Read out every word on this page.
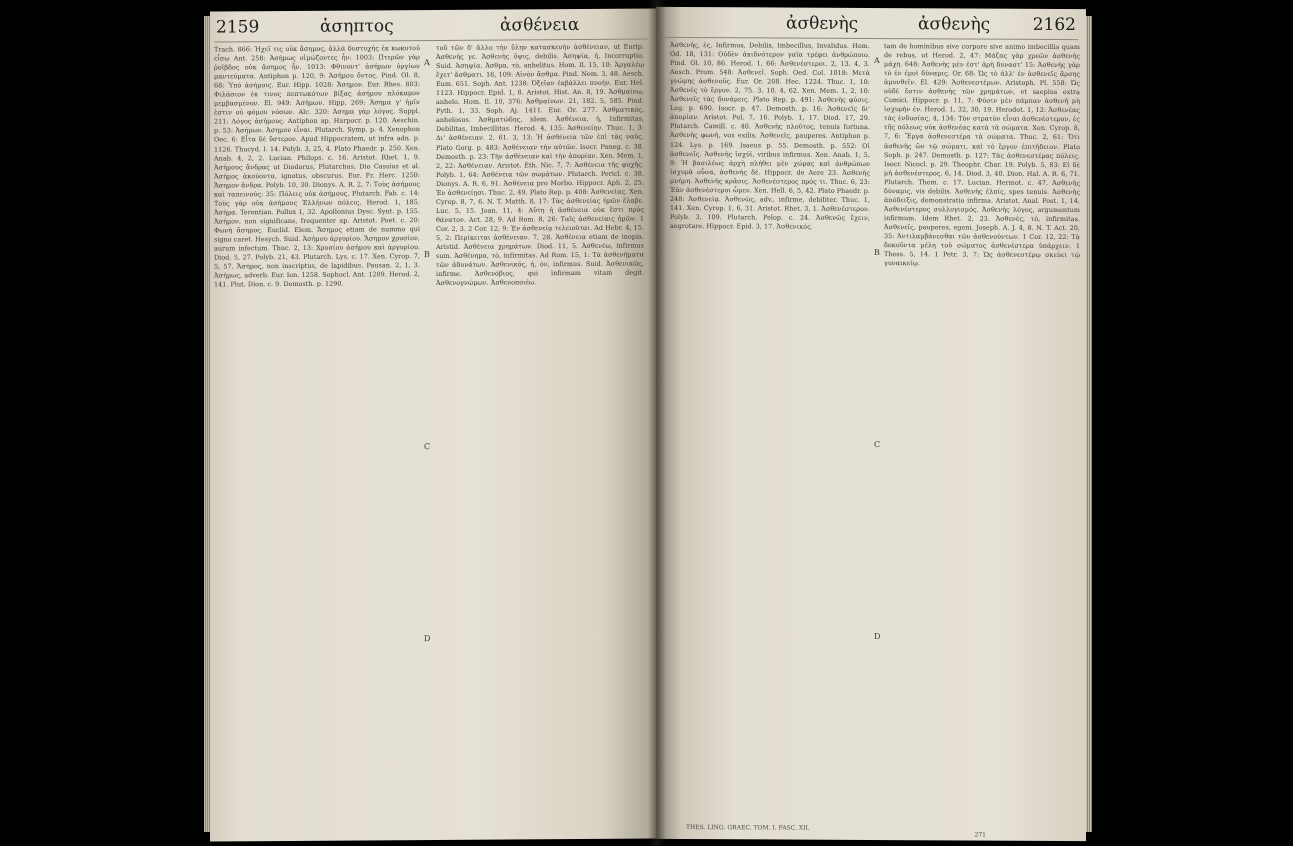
2159	ἀσηπτος	ἀσθένεια
Trach. 866: Ἠχεῖ τις οὐκ ἄσημος, ἀλλὰ δυστυχὴς ἐκ κωκυτοῦ εἶσω Ant. 258: Ἀσήμως οἰμώζοντες ἦν: 1003: Πτερῶν γὰρ ῥοῖβδος οὐκ ἄσημος ἦν. 1013: Φθινοντ' ἀσήμων ὀργίων μαντεύματα. Antiphon p. 120, 9: Ἀσήμου ὄντος. Pind. Ol. 8, 68: Ὑπὸ ἀσήμοις. Eur. Hipp. 1028: Ἄσημον. Eur. Rhes. 803: Φιλάσιον ἐκ τινος πεπτωκότων βίξας ἀσήμου πλόκαμον μεμβασμένον. El. 949: Ἀσήμων. Hipp. 269: Ἀσημα γ' ἡμῖν ἐστιν οὐ φόμου νόσων. Alc. 320: Ἀσημα γὰρ λόγος. Suppl. 211: Λόγος ἀσήμους. Antiphon ap. Harpocr. p. 120. Aeschin. p. 53: Ἀσήμων. Ἀσημον εἶναι. Plutarch. Symp. p. 4. Xenophon Oec. 6: Εἶτα δὲ ὕστερον. Apud Hippocratem, ut infra adn. p. 1126. Thucyd. I. 14. Polyb. 3, 25, 4. Plato Phaedr. p. 250. Xen. Anab. 4, 2, 2. Lucian. Philops. c. 16. Aristot. Rhet. 1, 9. Ἀσήμους ἄνδρας ut Diodorus, Plutarchus, Dio Cassius et al. Ἀσήμος ἀκούοντα, ignotus, obscurus. Eur. Fr. Herc. 1250: Ἄσημον ἄνδρα. Polyb. 10, 30. Dionys. A. R. 2, 7: Τοὺς ἀσήμους καὶ ταπεινούς: 35: Πόλεις οὐκ ἀσήμους. Plutarch. Fab. c. 14: Τοὺς γὰρ οὐκ ἀσήμους Ἑλλήνων πόλεις. Herod. 1, 185. Ἀσήμα. Terentian. Pollux 1, 32. Apollonius Dysc. Synt. p. 155. Ἀσήμον, non significans, frequenter ap. Aristot. Poet. c. 20: Φωνὴ ἄσημος. Euclid. Elem. Ἄσημος etiam de nummo qui signo caret. Hesych. Suid. Ἀσήμου ἀργυρίου. Ἄσημον χρυσίον, aurum infectum. Thuc. 2, 13: Χρυσίου ἀσήμου καὶ ἀργυρίου. Diod. 5, 27. Polyb. 21, 43. Plutarch. Lys. c. 17. Xen. Cyrop. 7, 5, 57. Ἄσημος, non inscriptus, de lapidibus. Pausan. 2, 1, 3. Ἀσήμως, adverb. Eur. Ion. 1258. Sophocl. Ant. 1209. Herod. 2, 141. Plut. Dion. c. 9. Demosth. p. 1290.
A
B
C
D
τοῦ τῶν δ' ἄλλο τὴν ὕλην κατασκευὴν ἀσθένειαν, ut Eurip. Ἀσθενής γε. Ἀσθενὴς ὄψις, debilis. Ἀσηψία, ἡ, Incorruptio. Suid. Ἀσηψία. Ἀσθμα, τὸ, anhelitus. Hom. Il. 15, 10: Ἀργαλέῳ ἔχετ' ἄσθματι. 16, 109: Αἰνὸν ἄσθμα. Pind. Nem. 3, 48. Aesch. Eum. 651. Soph. Ant. 1238: Ὀξεῖαν ἐκβάλλει πνοὴν. Eur. Hel. 1123. Hippocr. Epid. 1, 8. Aristot. Hist. An. 8, 19. Ἀσθμαίνω, anhelo. Hom. Il. 10, 376: Ἀσθμαίνων. 21, 182. 5, 585. Pind. Pyth. 1, 33. Soph. Aj. 1411. Eur. Or. 277. Ἀσθματικός, anhelosus. Ἀσθματώδης, idem. Ἀσθένεια, ἡ, Infirmitas, Debilitas, Imbecillitas. Herod. 4, 135: Ἀσθενείην. Thuc. 1, 3: Δι' ἀσθένειαν. 2, 61. 3, 13: Ἡ ἀσθένεια τῶν ἐπὶ τὰς ναῦς. Plato Gorg. p. 483: Ἀσθένειαν τὴν αὐτῶν. Isocr. Paneg. c. 38. Demosth. p. 23: Τὴν ἀσθένειαν καὶ τὴν ἀπορίαν. Xen. Mem. 1, 2, 22: Ἀσθένειαν. Aristot. Eth. Nic. 7, 7: Ἀσθένεια τῆς ψυχῆς. Polyb. 1, 64: Ἀσθένεια τῶν σωμάτων. Plutarch. Pericl. c. 38. Dionys. A. R. 6, 91. Ἀσθένεια pro Morbo. Hippocr. Aph. 2, 25: Ἐν ἀσθενείῃσι. Thuc. 2, 49. Plato Rep. p. 408: Ἀσθενείας. Xen. Cyrop. 8, 7, 6. N. T. Matth. 8, 17: Τὰς ἀσθενείας ἡμῶν ἔλαβε. Luc. 5, 15. Joan. 11, 4: Αὕτη ἡ ἀσθένεια οὐκ ἔστι πρὸς θάνατον. Act. 28, 9. Ad Rom. 8, 26: Ταῖς ἀσθενείαις ἡμῶν. 1 Cor. 2, 3. 2 Cor. 12, 9: Ἐν ἀσθενείᾳ τελειοῦται. Ad Hebr. 4, 15. 5, 2: Περίκειται ἀσθένειαν. 7, 28. Ἀσθένεια etiam de inopia. Aristid. Ἀσθένεια χρημάτων. Diod. 11, 5. Ἀσθενέω, infirmus sum. Ἀσθένημα, τὸ, infirmitas. Ad Rom. 15, 1: Τὰ ἀσθενήματα τῶν ἀδυνάτων. Ἀσθενικός, ἡ, ὸν, infirmus. Suid. Ἀσθενικῶς, infirme. Ἀσθενόβιος, qui infirmam vitam degit. Ἀσθενογνώμων. Ἀσθενοποιέω.
ἀσθενὴς	ἀσθενὴς	2162
Ἀσθενής, ἐς, Infirmus, Debilis, Imbecillus, Invalidus. Hom. Od. 18, 131: Οὐδὲν ἀκιδνότερον γαῖα τρέφει ἀνθρώποιο. Pind. Ol. 10, 86. Herod. 1, 66: Ἀσθενέστεροι. 2, 13. 4, 3. Aesch. Prom. 548: Ἀσθενεῖ. Soph. Oed. Col. 1018: Μετὰ γνώμης ἀσθενοῦς. Eur. Or. 208. Hec. 1224. Thuc. 1, 10: Ἀσθενὲς τὸ ἔργον. 2, 75. 3, 10. 4, 62. Xen. Mem. 1, 2, 10: Ἀσθενεῖς τὰς δυνάμεις. Plato Rep. p. 491: Ἀσθενὴς φύσις. Leg. p. 690. Isocr. p. 47. Demosth. p. 16: Ἀσθενεῖς δι' ἀπορίαν. Aristot. Pol. 7, 16. Polyb. 1, 17. Diod. 17, 29. Plutarch. Camill. c. 40. Ἀσθενὴς πλοῦτος, tenuis fortuna. Ἀσθενὴς φωνή, vox exilis. Ἀσθενεῖς, pauperes. Antiphon p. 124. Lys. p. 169. Isaeus p. 55. Demosth. p. 552: Οἱ ἀσθενεῖς. Ἀσθενὴς ἰσχύϊ, viribus infirmus. Xen. Anab. 1, 5, 9: Ἡ βασιλέως ἀρχὴ πλήθει μὲν χώρας καὶ ἀνθρώπων ἰσχυρὰ οὖσα, ἀσθενὴς δέ. Hippocr. de Aere 23. Ἀσθενὴς μνήμη. Ἀσθενὴς κρᾶσις. Ἀσθενέστερος πρός τι. Thuc. 6, 23: Ἐὰν ἀσθενέστεροι ὦμεν. Xen. Hell. 6, 5, 42. Plato Phaedr. p. 248: Ἀσθενείᾳ. Ἀσθενῶς, adv., infirme, debiliter. Thuc. 1, 141. Xen. Cyrop. 1, 6, 31. Aristot. Rhet. 3, 1. Ἀσθενέστερον. Polyb. 3, 109. Plutarch. Pelop. c. 24. Ἀσθενῶς ἔχειν, aegrotare. Hippocr. Epid. 3, 17. Ἀσθενικός.
A
B
C
D
tam de hominibus sive corpore sive animo imbecillis quam de rebus, ut Herod. 2, 47: Μάζας γὰρ χρεῶν ἀσθενὴς μάχη. 648: Ἀσθενὴς μὲν ἐστ' ἀρὴ δυναστ' 15: Ἀσθενὴς γὰρ τὸ ἐν ἐμοὶ δύναμις. Or. 68: Ὡς τὸ ἀλλ' ἐν ἀσθενεῖς ἄρσης ἀμυνθεῖν. El. 429: Ἀσθενεστέρων. Aristoph. Pl. 558: Ὡς οὐδὲ ἔστιν ἀσθενὴς τῶν χρημάτων, et saepius extra Comici. Hippocr. p. 11, 7: Φύσιν μὲν πάμπαν ἀσθενῆ μὴ ἰσχυρὴν ἐν. Herod. 1, 32, 30, 19. Herodot. 1, 12: Ἀσθενέας τὰς ἐνδυσίας, 4, 134: Τὸν στρατὸν εἶναι ἀσθενέστερον, ἐς τῆς πόλεως οὐκ ἀσθενέας κατὰ τὰ σώματα. Xen. Cyrop. 8, 7, 6: Ἔργα ἀσθενεστέρα τὰ σώματα. Thuc. 2, 61: Ὅτι ἀσθενὴς ὢν τῷ σώματι, καὶ τὸ ἔργον ἐπιτήδειον. Plato Soph. p. 247. Demosth. p. 127: Τὰς ἀσθενεστέρας πόλεις. Isocr. Nicocl. p. 29. Theophr. Char. 19. Polyb. 5, 83: Εἰ δὲ μὴ ἀσθενέστερος. 6, 14. Diod. 3, 40. Dion. Hal. A. R. 6, 71. Plutarch. Them. c. 17. Lucian. Hermot. c. 47. Ἀσθενὴς δύναμις, vis debilis. Ἀσθενὴς ἐλπίς, spes tenuis. Ἀσθενὴς ἀπόδειξις, demonstratio infirma. Aristot. Anal. Post. 1, 14. Ἀσθενέστερος συλλογισμός. Ἀσθενὴς λόγος, argumentum infirmum. Idem Rhet. 2, 23. Ἀσθενὲς, τὸ, infirmitas. Ἀσθενεῖς, pauperes, egeni. Joseph. A. J. 4, 8. N. T. Act. 20, 35: Ἀντιλαμβάνεσθαι τῶν ἀσθενούντων. 1 Cor. 12, 22: Τὰ δοκοῦντα μέλη τοῦ σώματος ἀσθενέστερα ὑπάρχειν. 1 Thess. 5, 14. 1 Petr. 3, 7: Ὡς ἀσθενεστέρῳ σκεύει τῷ γυναικείῳ.
THES. LING. GRAEC. TOM. I. FASC. XII.
271
